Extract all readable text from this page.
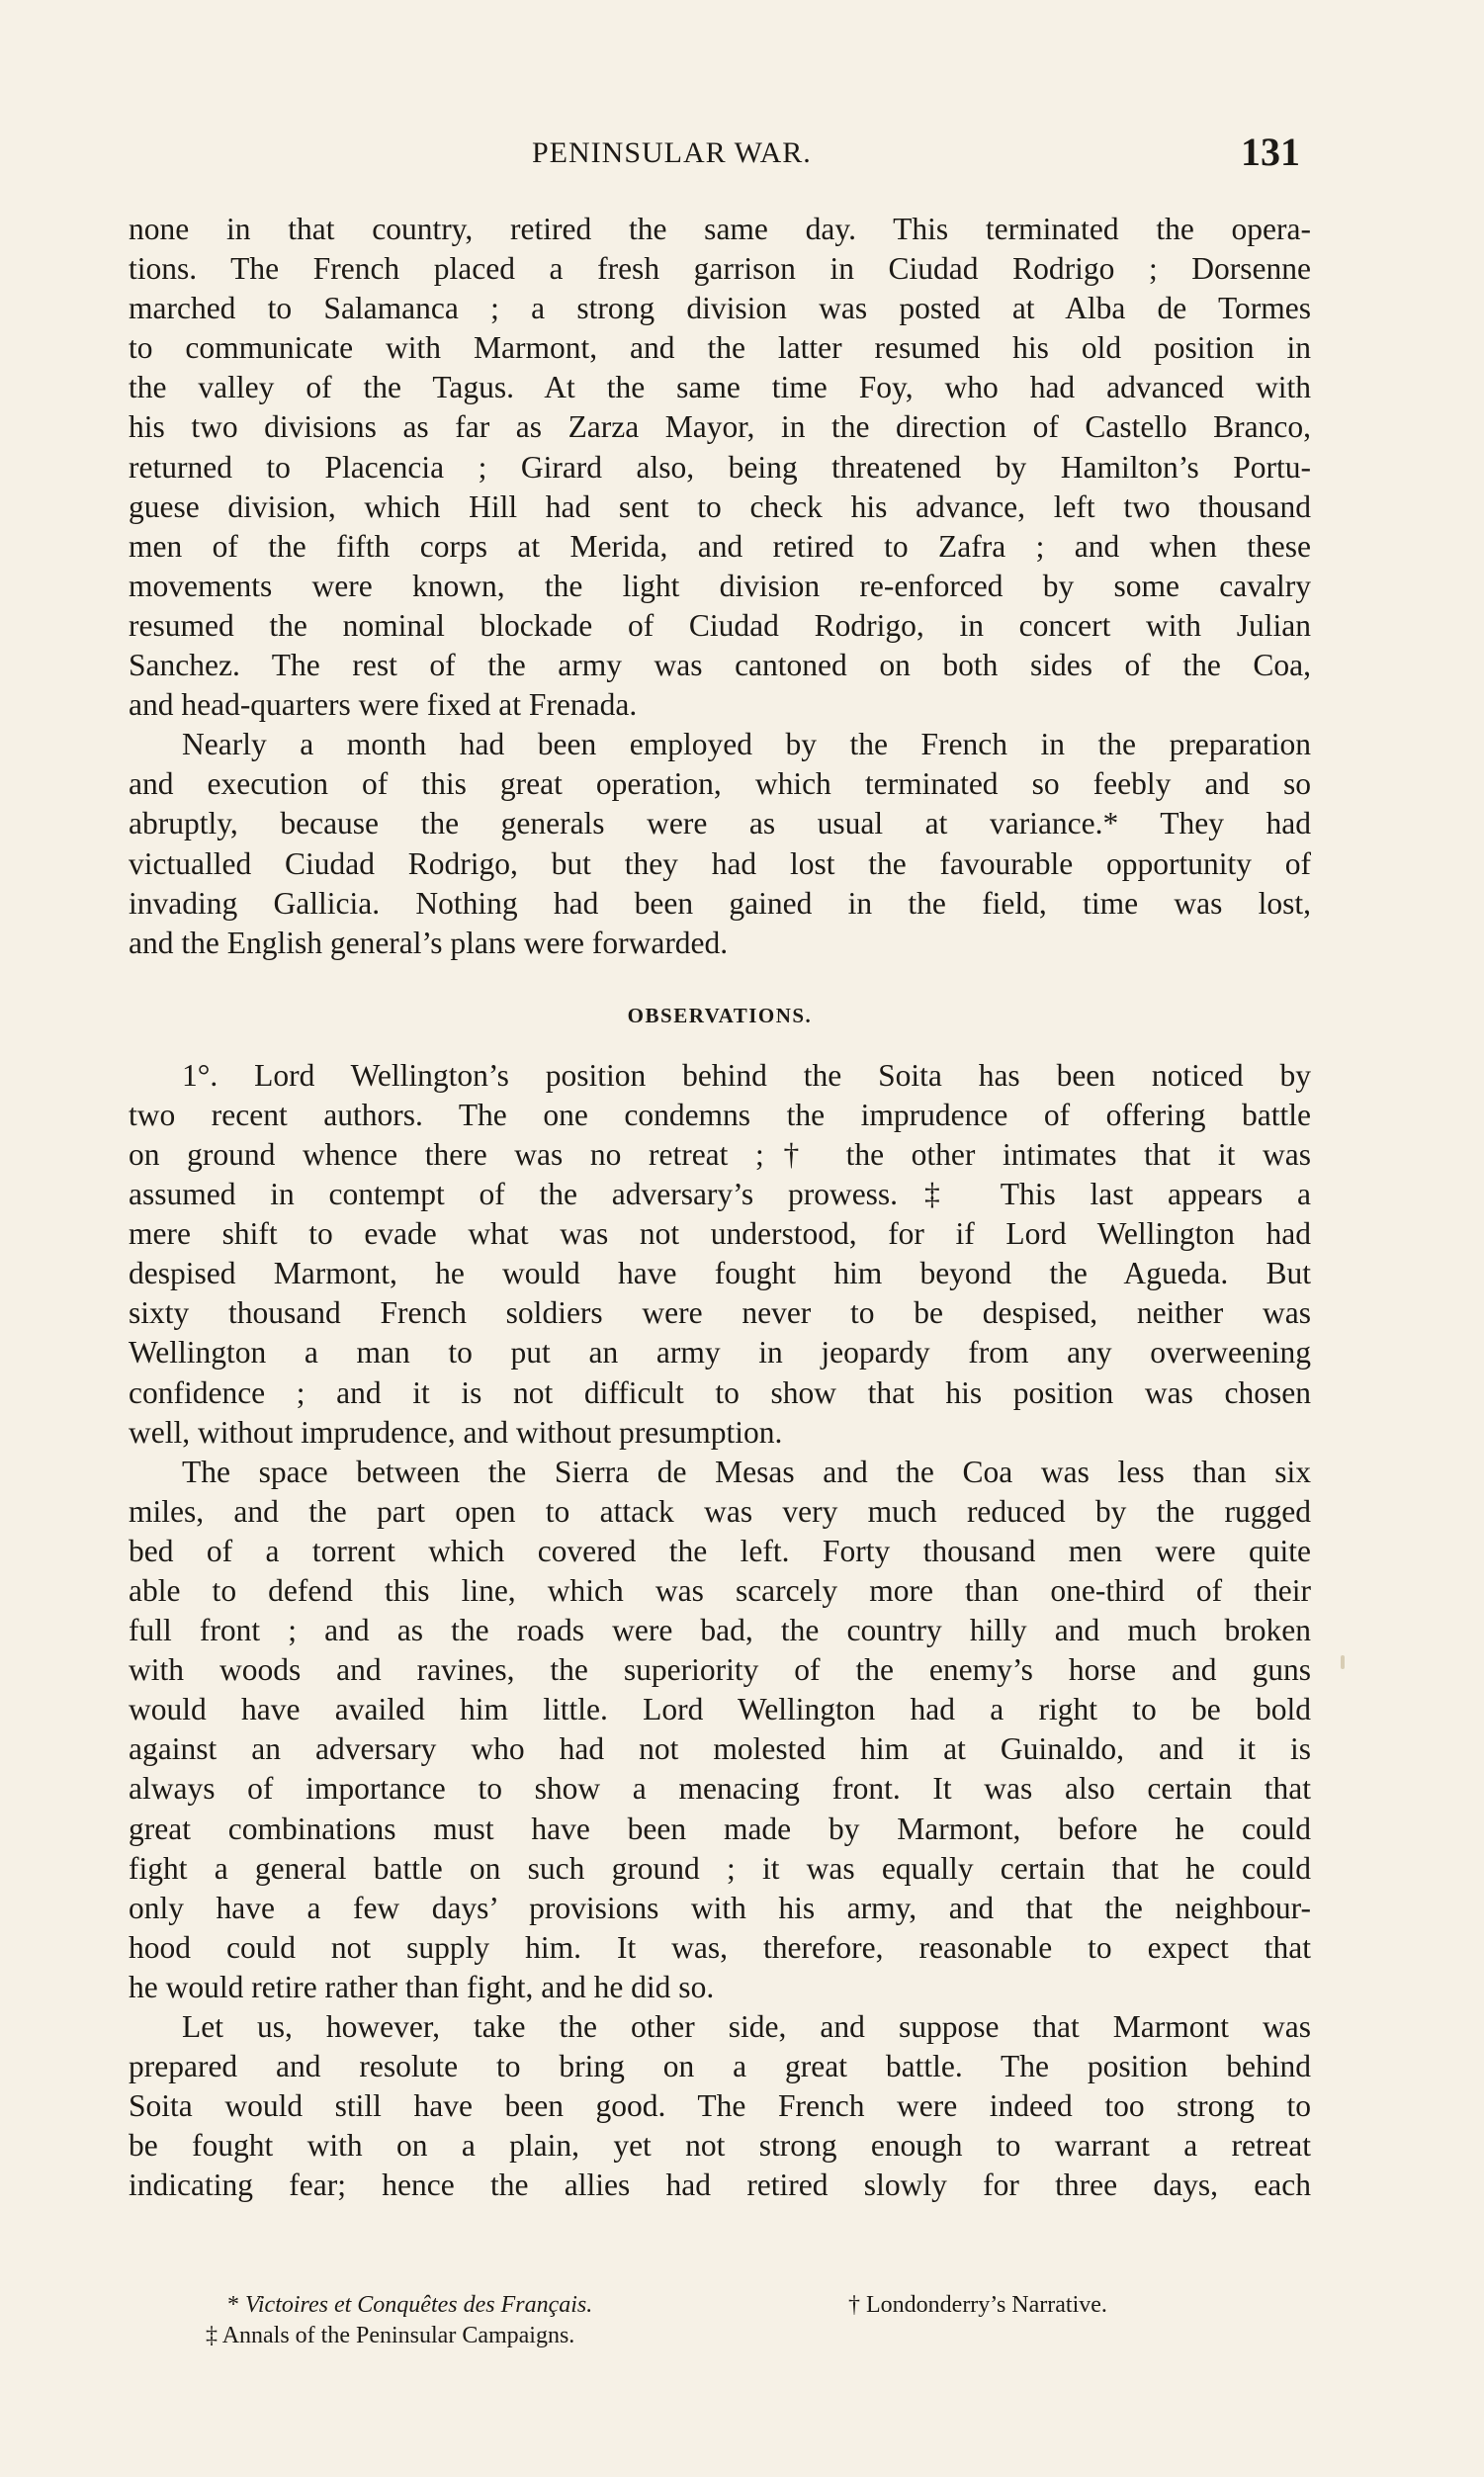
PENINSULAR WAR.	131
none in that country, retired the same day. This terminated the opera-
tions. The French placed a fresh garrison in Ciudad Rodrigo ; Dorsenne
marched to Salamanca ; a strong division was posted at Alba de Tormes
to communicate with Marmont, and the latter resumed his old position in
the valley of the Tagus. At the same time Foy, who had advanced with
his two divisions as far as Zarza Mayor, in the direction of Castello Branco,
returned to Placencia ; Girard also, being threatened by Hamilton’s Portu-
guese division, which Hill had sent to check his advance, left two thousand
men of the fifth corps at Merida, and retired to Zafra ; and when these
movements were known, the light division re-enforced by some cavalry
resumed the nominal blockade of Ciudad Rodrigo, in concert with Julian
Sanchez. The rest of the army was cantoned on both sides of the Coa,
and head-quarters were fixed at Frenada.
Nearly a month had been employed by the French in the preparation
and execution of this great operation, which terminated so feebly and so
abruptly, because the generals were as usual at variance.* They had
victualled Ciudad Rodrigo, but they had lost the favourable opportunity of
invading Gallicia. Nothing had been gained in the field, time was lost,
and the English general’s plans were forwarded.
OBSERVATIONS.
1°. Lord Wellington’s position behind the Soita has been noticed by
two recent authors. The one condemns the imprudence of offering battle
on ground whence there was no retreat ;† the other intimates that it was
assumed in contempt of the adversary’s prowess.‡ This last appears a
mere shift to evade what was not understood, for if Lord Wellington had
despised Marmont, he would have fought him beyond the Agueda. But
sixty thousand French soldiers were never to be despised, neither was
Wellington a man to put an army in jeopardy from any overweening
confidence ; and it is not difficult to show that his position was chosen
well, without imprudence, and without presumption.
The space between the Sierra de Mesas and the Coa was less than six
miles, and the part open to attack was very much reduced by the rugged
bed of a torrent which covered the left. Forty thousand men were quite
able to defend this line, which was scarcely more than one-third of their
full front ; and as the roads were bad, the country hilly and much broken
with woods and ravines, the superiority of the enemy’s horse and guns
would have availed him little. Lord Wellington had a right to be bold
against an adversary who had not molested him at Guinaldo, and it is
always of importance to show a menacing front. It was also certain that
great combinations must have been made by Marmont, before he could
fight a general battle on such ground ; it was equally certain that he could
only have a few days’ provisions with his army, and that the neighbour-
hood could not supply him. It was, therefore, reasonable to expect that
he would retire rather than fight, and he did so.
Let us, however, take the other side, and suppose that Marmont was
prepared and resolute to bring on a great battle. The position behind
Soita would still have been good. The French were indeed too strong to
be fought with on a plain, yet not strong enough to warrant a retreat
indicating fear; hence the allies had retired slowly for three days, each
* Victoires et Conquêtes des Français.	† Londonderry’s Narrative.
‡ Annals of the Peninsular Campaigns.
